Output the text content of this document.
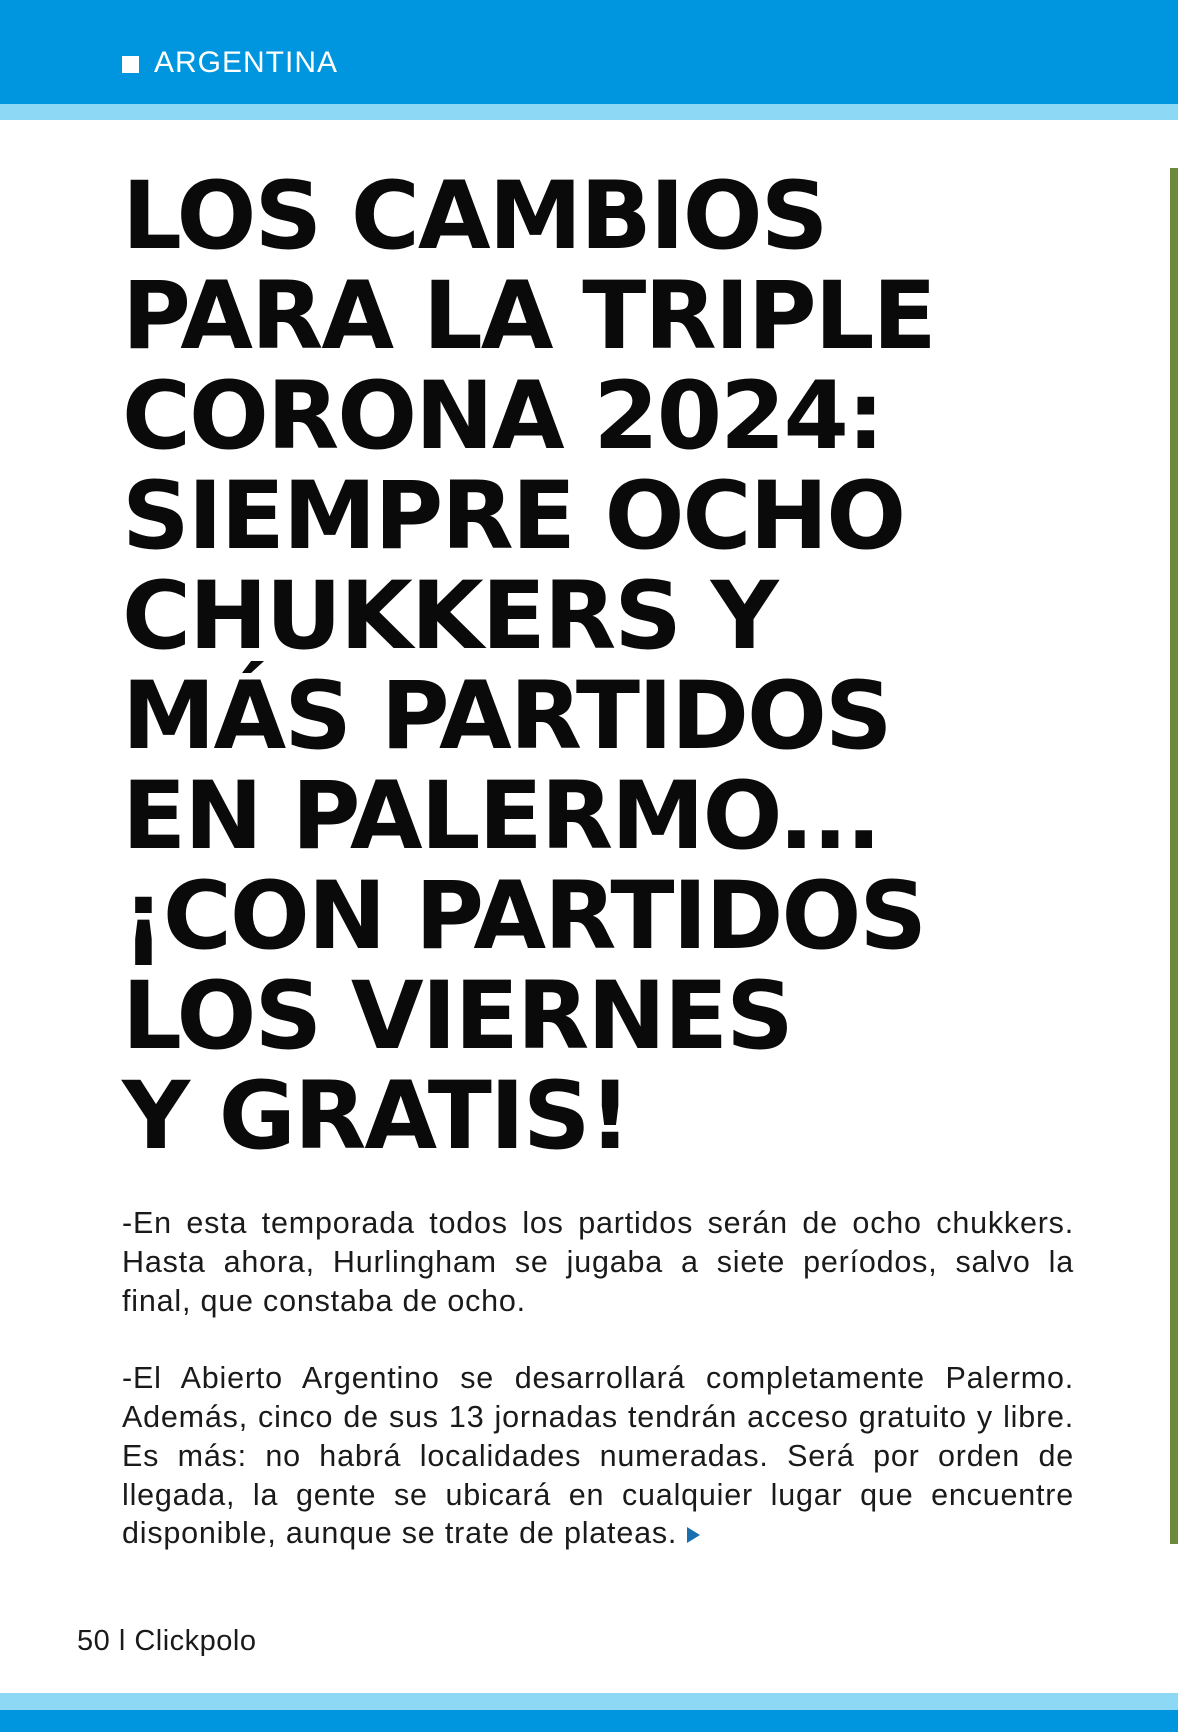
ARGENTINA
LOS CAMBIOS
PARA LA TRIPLE
CORONA 2024:
SIEMPRE OCHO
CHUKKERS Y
MÁS PARTIDOS
EN PALERMO...
¡CON PARTIDOS
LOS VIERNES
Y GRATIS!

-En esta temporada todos los partidos serán de ocho chukkers. Hasta ahora, Hurlingham se jugaba a siete períodos, salvo la final, que constaba de ocho.

-El Abierto Argentino se desarrollará completamente Palermo. Además, cinco de sus 13 jornadas tendrán acceso gratuito y libre. Es más: no habrá localidades numeradas. Será por orden de llegada, la gente se ubicará en cualquier lugar que encuentre disponible, aunque se trate de plateas.

50 l Clickpolo
